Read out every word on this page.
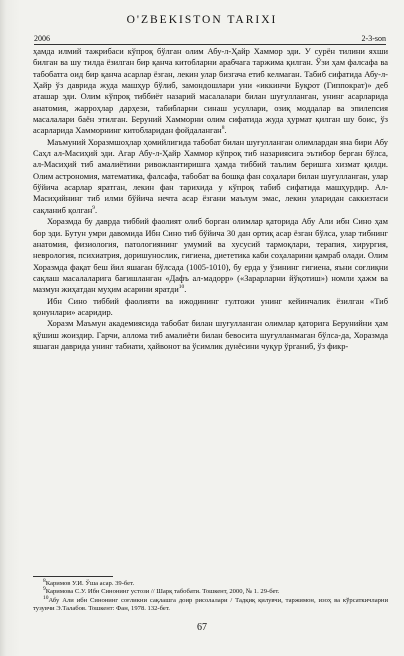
O'ZBEKISTON TARIXI
2006	2-3-son

ҳамда илмий тажрибаси кўпроқ бўлган олим Абу-л-Ҳайр Хаммор эди. У сурён тилини яхши билган ва шу тилда ёзилган бир қанча китобларни арабчага таржима қилган. Ўзи ҳам фалсафа ва табобатга оид бир қанча асарлар ёзган, лекин улар бизгача етиб келмаган. Табиб сифатида Абу-л-Ҳайр ўз даврида жуда машҳур бўлиб, замондошлари уни «иккинчи Буқрот (Гиппократ)» деб аташар эди. Олим кўпроқ тиббиёт назарий масалалари билан шуғулланган, унинг асарларида анатомия, жарроҳлар дарҳези, табибларни синаш усуллари, озиқ моддалар ва эпилепсия масалалари баён этилган. Беруний Хамморни олим сифатида жуда ҳурмат қилган шу боис, ўз асарларида Хамморнинг китобларидан фойдаланган$^8$.

Маъмуний Хоразмшоҳлар ҳомийлигида табобат билан шуғулланган олимлардан яна бири Абу Саҳл ал-Масиҳий эди. Агар Абу-л-Ҳайр Хаммор кўпроқ тиб назариясига эътибор берган бўлса, ал-Масиҳий тиб амалиётини ривожлантиришга ҳамда тиббий таълим беришга хизмат қилди. Олим астрономия, математика, фалсафа, табобат ва бошқа фан соҳалари билан шуғулланган, улар бўйича асарлар яратган, лекин фан тарихида у кўпроқ табиб сифатида машҳурдир. Ал-Масиҳийнинг тиб илми бўйича нечта асар ёзгани маълум эмас, лекин уларидан саккизтаси сақланиб қолган$^9$.

Хоразмда бу даврда тиббий фаолият олиб борган олимлар қаторида Абу Али ибн Сино ҳам бор эди. Бутун умри давомида Ибн Сино тиб бўйича 30 дан ортиқ асар ёзган бўлса, улар тибнинг анатомия, физиология, патологиянинг умумий ва хусусий тармоқлари, терапия, хирургия, неврология, психиатрия, доришунослик, гигиена, диететика каби соҳаларини қамраб олади. Олим Хоразмда фақат беш йил яшаган бўлсада (1005-1010), бу ерда у ўзининг гигиена, яъни соғлиқни сақлаш масалаларига бағишланган «Дафъ ал-мадорр» («Зарарларни йўқотиш») номли ҳажм ва мазмун жиҳатдан муҳим асарини яратди$^{10}$.

Ибн Сино тиббий фаолияти ва ижодининг гултожи унинг кейинчалик ёзилган «Тиб қонунлари» асаридир.

Хоразм Маъмун академиясида табобат билан шуғулланган олимлар қаторига Берунийни ҳам қўшиш жоиздир. Гарчи, аллома тиб амалиёти билан бевосита шуғулланмаган бўлса-да, Хоразмда яшаган даврида унинг табиати, ҳайвонот ва ўсимлик дунёсини чуқур ўрганиб, ўз фикр-

$^8$Каримов У.И. Ўша асар. 39-бет.

$^9$Каримова С.У. Ибн Синонинг устози // Шарқ табобати. Тошкент, 2000, № 1. 29-бет.

$^{10}$Абу Али ибн Синонинг соғликни сақлашга доир рисолалари / Тадқиқ қилувчи, таржимон, изоҳ ва кўрсаткичларни тузувчи Э.Талабов. Тошкент: Фан, 1978. 132-бет.

67
